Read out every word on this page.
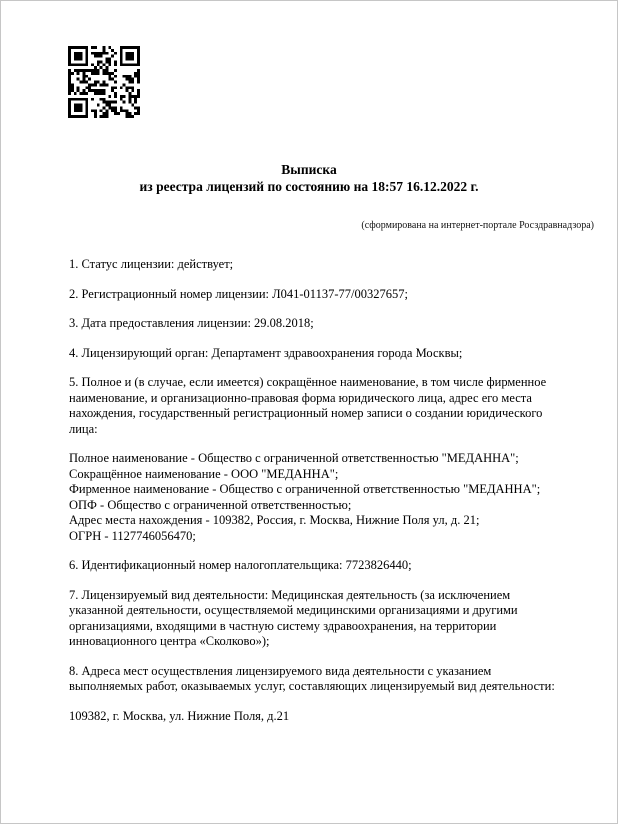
Выписка
из реестра лицензий по состоянию на 18:57 16.12.2022 г.
(сформирована на интернет-портале Росздравнадзора)
1. Статус лицензии: действует;
2. Регистрационный номер лицензии: Л041-01137-77/00327657;
3. Дата предоставления лицензии: 29.08.2018;
4. Лицензирующий орган: Департамент здравоохранения города Москвы;
5. Полное и (в случае, если имеется) сокращённое наименование, в том числе фирменное наименование, и организационно-правовая форма юридического лица, адрес его места нахождения, государственный регистрационный номер записи о создании юридического лица:
Полное наименование - Общество с ограниченной ответственностью "МЕДАННА";
Сокращённое наименование - ООО "МЕДАННА";
Фирменное наименование - Общество с ограниченной ответственностью "МЕДАННА";
ОПФ - Общество с ограниченной ответственностью;
Адрес места нахождения - 109382, Россия, г. Москва, Нижние Поля ул, д. 21;
ОГРН - 1127746056470;
6. Идентификационный номер налогоплательщика: 7723826440;
7. Лицензируемый вид деятельности: Медицинская деятельность (за исключением указанной деятельности, осуществляемой медицинскими организациями и другими организациями, входящими в частную систему здравоохранения, на территории инновационного центра «Сколково»);
8. Адреса мест осуществления лицензируемого вида деятельности с указанием выполняемых работ, оказываемых услуг, составляющих лицензируемый вид деятельности:
109382, г. Москва, ул. Нижние Поля, д.21
